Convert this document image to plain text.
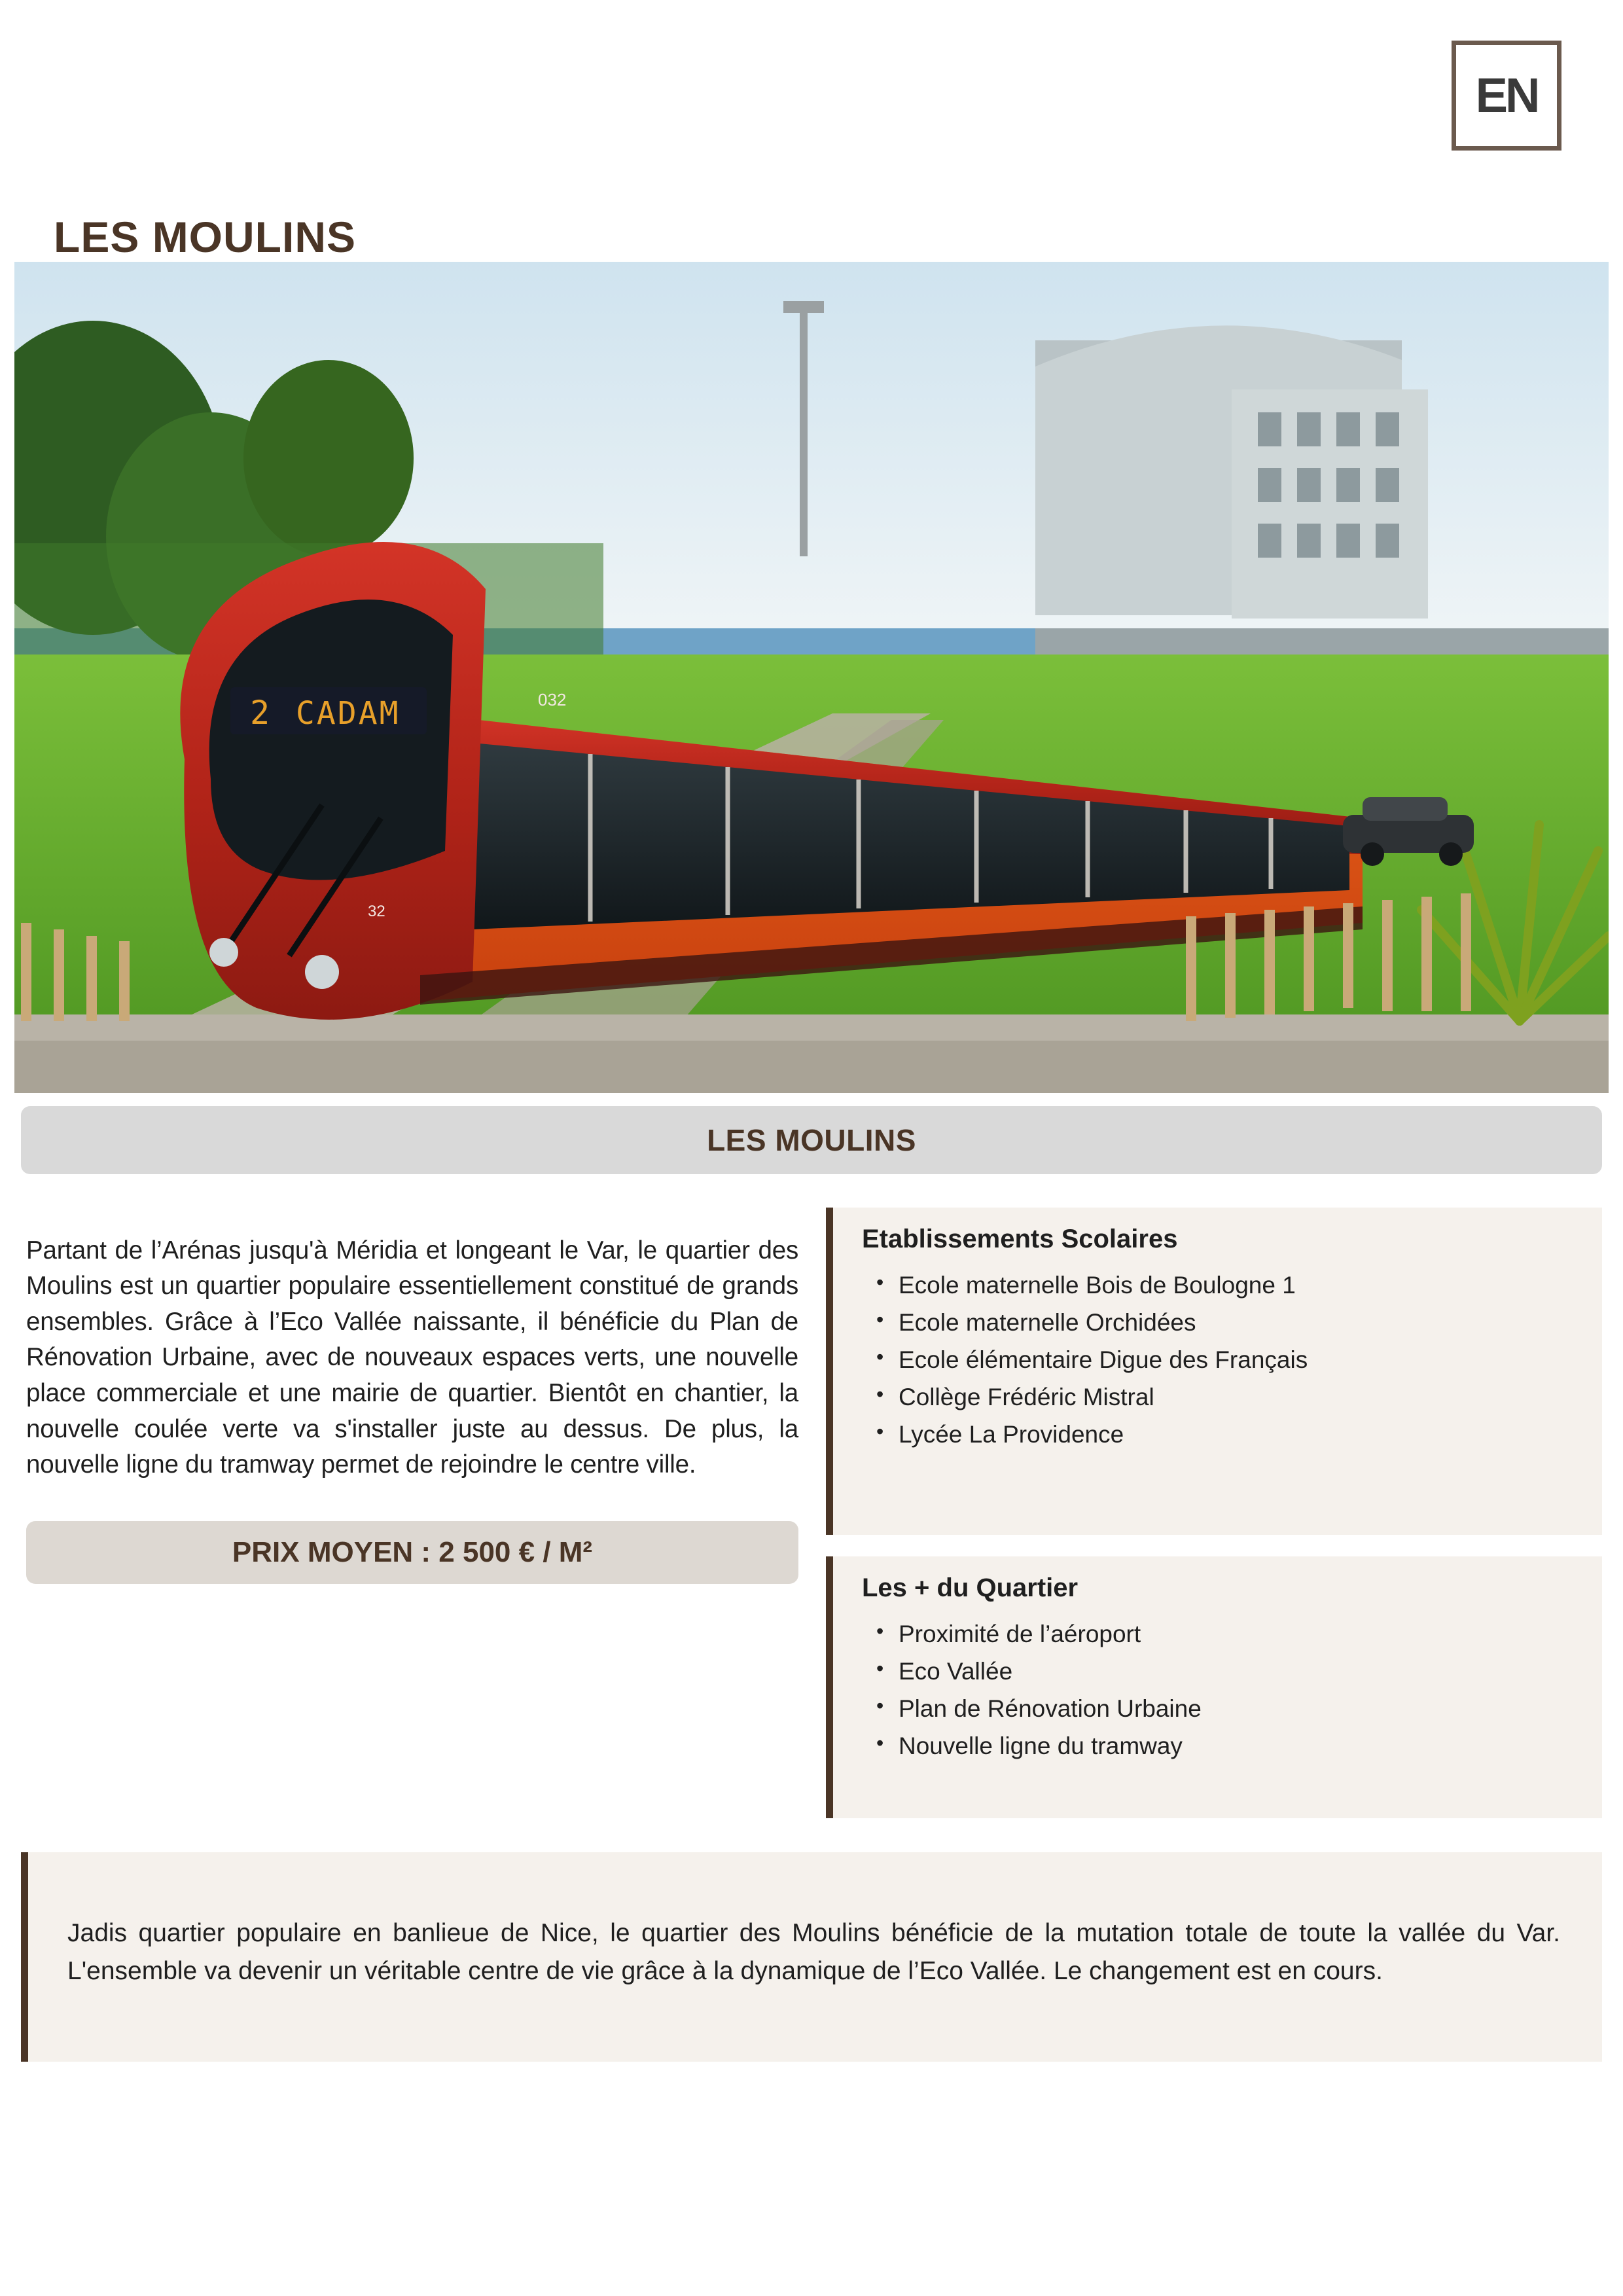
EN
LES MOULINS
2 CADAM	032
32
LES MOULINS

Partant de l’Arénas jusqu'à Méridia et longeant le Var, le quartier des Moulins est un quartier populaire essentiellement constitué de grands ensembles. Grâce à l’Eco Vallée naissante, il bénéficie du Plan de Rénovation Urbaine, avec de nouveaux espaces verts, une nouvelle place commerciale et une mairie de quartier. Bientôt en chantier, la nouvelle coulée verte va s'installer juste au dessus. De plus, la nouvelle ligne du tramway permet de rejoindre le centre ville.

PRIX MOYEN : 2 500 € / M²
Etablissements Scolaires
• Ecole maternelle Bois de Boulogne 1
• Ecole maternelle Orchidées
• Ecole élémentaire Digue des Français
• Collège Frédéric Mistral
• Lycée La Providence
Les + du Quartier
• Proximité de l’aéroport
• Eco Vallée
• Plan de Rénovation Urbaine
• Nouvelle ligne du tramway

Jadis quartier populaire en banlieue de Nice, le quartier des Moulins bénéficie de la mutation totale de toute la vallée du Var. L'ensemble va devenir un véritable centre de vie grâce à la dynamique de l’Eco Vallée. Le changement est en cours.
